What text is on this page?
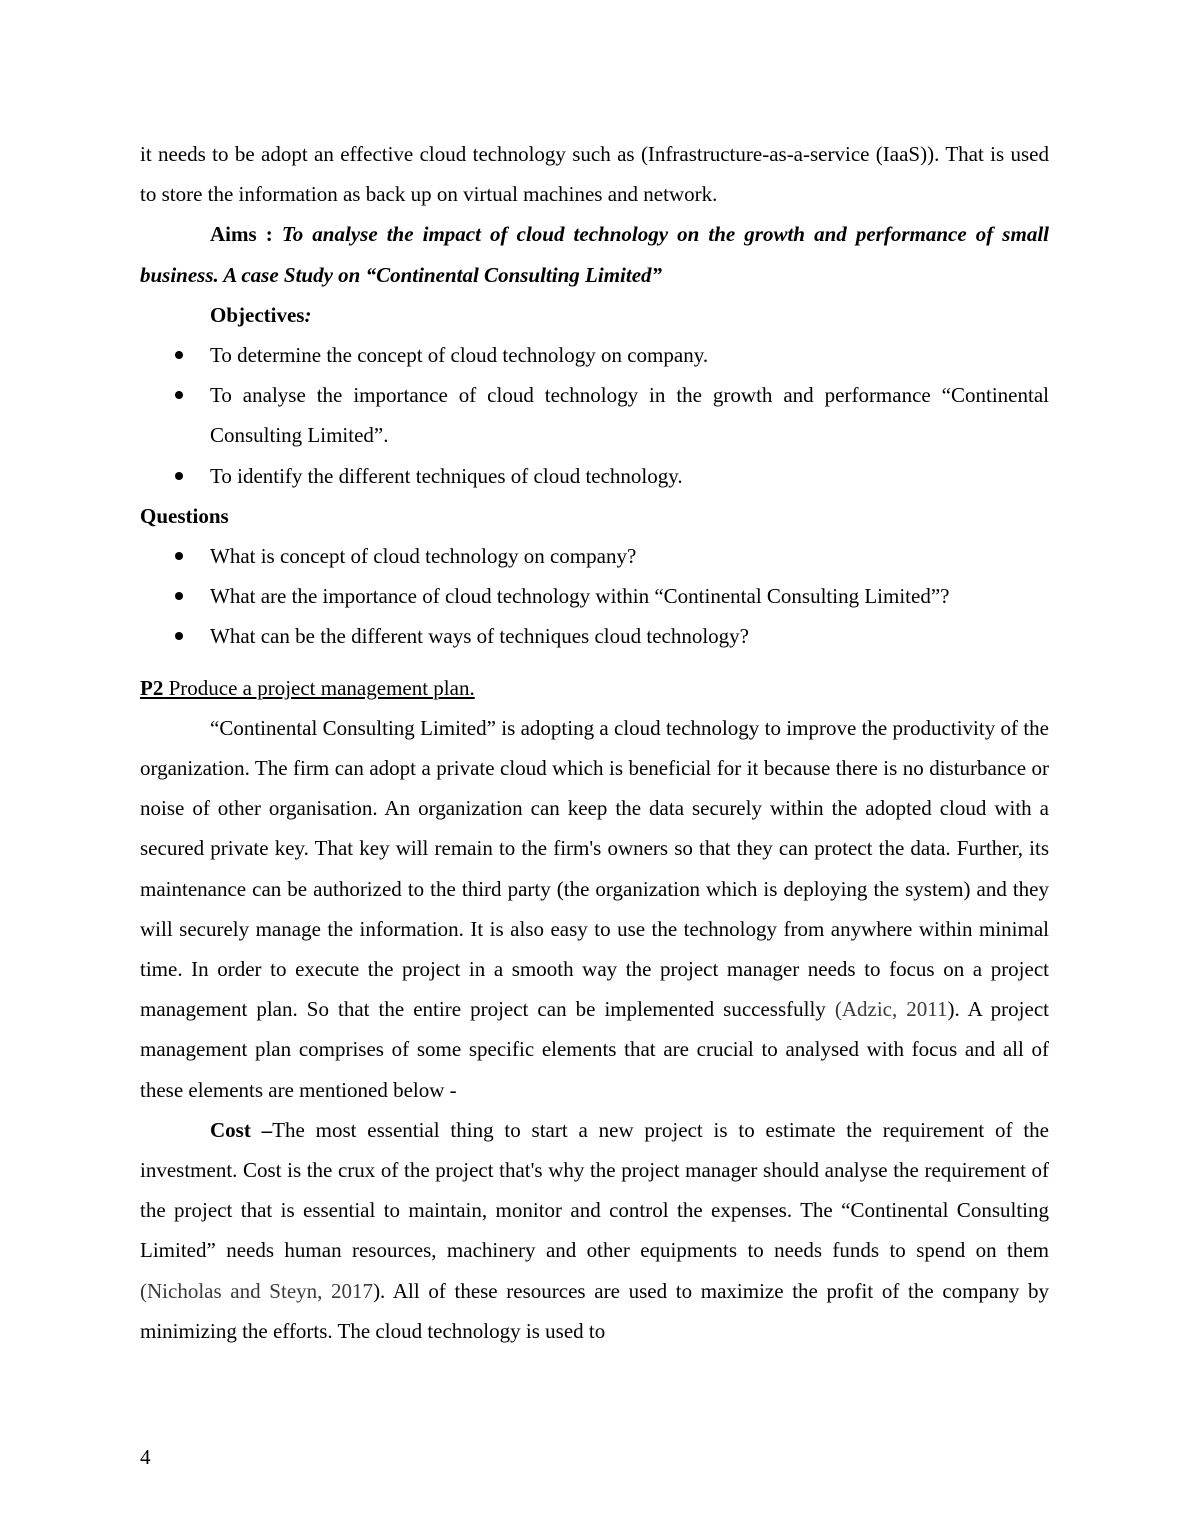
it needs to be adopt an effective cloud technology such as (Infrastructure-as-a-service (IaaS)). That is used to store the information as back up on virtual machines and network.

Aims : To analyse the impact of cloud technology on the growth and performance of small business. A case Study on “Continental Consulting Limited”

Objectives:

To determine the concept of cloud technology on company.
To analyse the importance of cloud technology in the growth and performance “Continental Consulting Limited”.
To identify the different techniques of cloud technology.

Questions

What is concept of cloud technology on company?
What are the importance of cloud technology within “Continental Consulting Limited”?
What can be the different ways of techniques cloud technology?

P2 Produce a project management plan.

“Continental Consulting Limited” is adopting a cloud technology to improve the productivity of the organization. The firm can adopt a private cloud which is beneficial for it because there is no disturbance or noise of other organisation. An organization can keep the data securely within the adopted cloud with a secured private key. That key will remain to the firm's owners so that they can protect the data. Further, its maintenance can be authorized to the third party (the organization which is deploying the system) and they will securely manage the information. It is also easy to use the technology from anywhere within minimal time. In order to execute the project in a smooth way the project manager needs to focus on a project management plan. So that the entire project can be implemented successfully (Adzic, 2011). A project management plan comprises of some specific elements that are crucial to analysed with focus and all of these elements are mentioned below -

Cost –The most essential thing to start a new project is to estimate the requirement of the investment. Cost is the crux of the project that's why the project manager should analyse the requirement of the project that is essential to maintain, monitor and control the expenses. The “Continental Consulting Limited” needs human resources, machinery and other equipments to needs funds to spend on them (Nicholas and Steyn, 2017). All of these resources are used to maximize the profit of the company by minimizing the efforts. The cloud technology is used to

4
